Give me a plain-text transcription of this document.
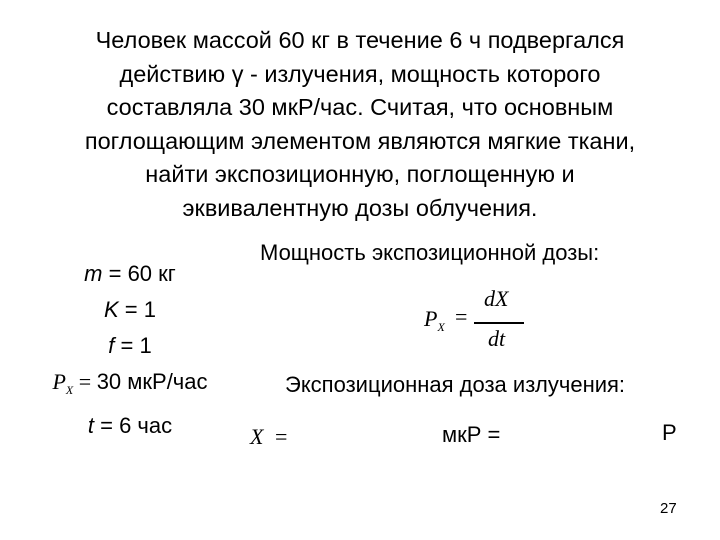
Человек массой 60 кг в течение 6 ч подвергался
действию γ - излучения, мощность которого
составляла 30 мкР/час. Считая, что основным
поглощающим элементом являются мягкие ткани,
найти экспозиционную, поглощенную и
эквивалентную дозы облучения.
m = 60 кг
K = 1
f = 1
$P_X = 30$ мкР/час
t = 6 час
Мощность экспозиционной дозы:
$P_X$ =
dX
dt
Экспозиционная доза излучения:
X =	мкР =	Р
27
